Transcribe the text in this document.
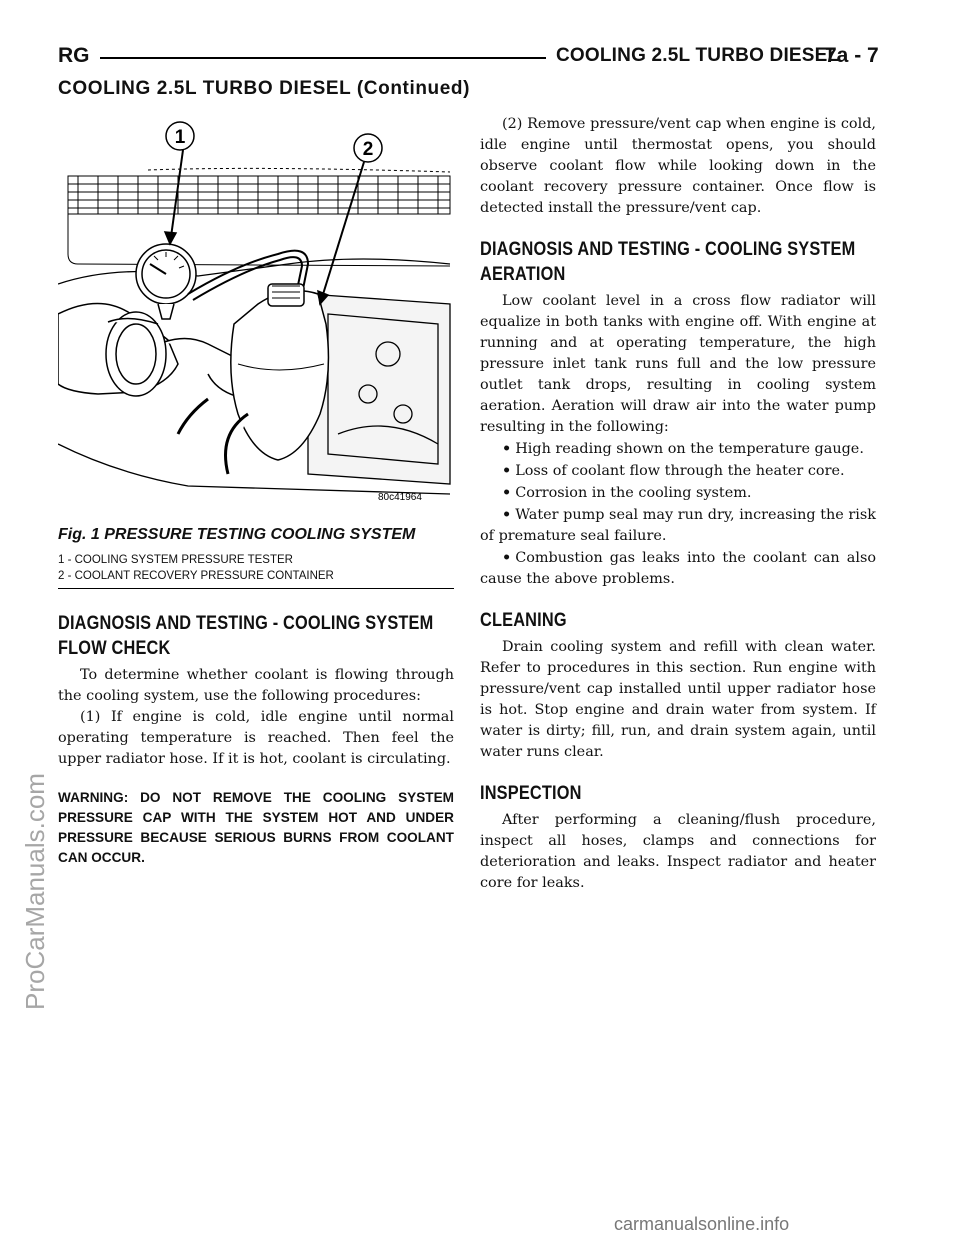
RG	COOLING 2.5L TURBO DIESEL
7a - 7
COOLING 2.5L TURBO DIESEL (Continued)
1
2
80c41964
Fig. 1 PRESSURE TESTING COOLING SYSTEM
1 - COOLING SYSTEM PRESSURE TESTER
2 - COOLANT RECOVERY PRESSURE CONTAINER
DIAGNOSIS AND TESTING - COOLING SYSTEM
FLOW CHECK

To determine whether coolant is flowing through the cooling system, use the following procedures:

(1) If engine is cold, idle engine until normal operating temperature is reached. Then feel the upper radiator hose. If it is hot, coolant is circulating.

WARNING: DO NOT REMOVE THE COOLING SYSTEM PRESSURE CAP WITH THE SYSTEM HOT AND UNDER PRESSURE BECAUSE SERIOUS BURNS FROM COOLANT CAN OCCUR.

(2) Remove pressure/vent cap when engine is cold, idle engine until thermostat opens, you should observe coolant flow while looking down in the coolant recovery pressure container. Once flow is detected install the pressure/vent cap.

DIAGNOSIS AND TESTING - COOLING SYSTEM
AERATION

Low coolant level in a cross flow radiator will equalize in both tanks with engine off. With engine at running and at operating temperature, the high pressure inlet tank runs full and the low pressure outlet tank drops, resulting in cooling system aeration. Aeration will draw air into the water pump resulting in the following:

• High reading shown on the temperature gauge.
• Loss of coolant flow through the heater core.
• Corrosion in the cooling system.
• Water pump seal may run dry, increasing the risk of premature seal failure.
• Combustion gas leaks into the coolant can also cause the above problems.
CLEANING

Drain cooling system and refill with clean water. Refer to procedures in this section. Run engine with pressure/vent cap installed until upper radiator hose is hot. Stop engine and drain water from system. If water is dirty; fill, run, and drain system again, until water runs clear.

INSPECTION

After performing a cleaning/flush procedure, inspect all hoses, clamps and connections for deterioration and leaks. Inspect radiator and heater core for leaks.

ProCarManuals.com
carmanualsonline.info
